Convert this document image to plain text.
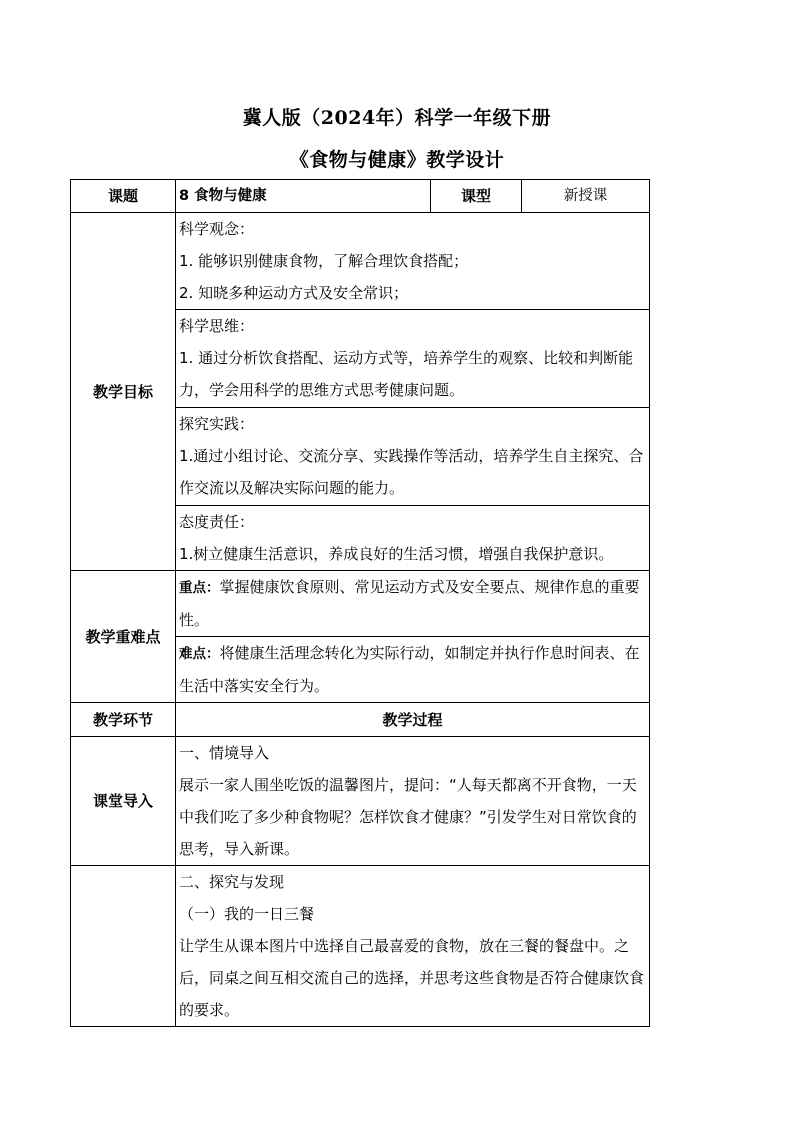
冀人版（2024年）科学一年级下册
《食物与健康》教学设计
课题	8 食物与健康	课型	新授课
教学目标	科学观念：
1. 能够识别健康食物，了解合理饮食搭配；
2. 知晓多种运动方式及安全常识；		

	科学思维：
1. 通过分析饮食搭配、运动方式等，培养学生的观察、比较和判断能力，学会用科学的思维方式思考健康问题。		

	探究实践：
1.通过小组讨论、交流分享、实践操作等活动，培养学生自主探究、合作交流以及解决实际问题的能力。		

	态度责任：
1.树立健康生活意识，养成良好的生活习惯，增强自我保护意识。		

教学重难点	重点：掌握健康饮食原则、常见运动方式及安全要点、规律作息的重要性。		
	难点：将健康生活理念转化为实际行动，如制定并执行作息时间表、在生活中落实安全行为。		
教学环节	教学过程		
课堂导入	一、情境导入
展示一家人围坐吃饭的温馨图片，提问：“人每天都离不开食物，一天中我们吃了多少种食物呢？怎样饮食才健康？”引发学生对日常饮食的思考，导入新课。		

	二、探究与发现
（一）我的一日三餐
让学生从课本图片中选择自己最喜爱的食物，放在三餐的餐盘中。之后，同桌之间互相交流自己的选择，并思考这些食物是否符合健康饮食的要求。		
